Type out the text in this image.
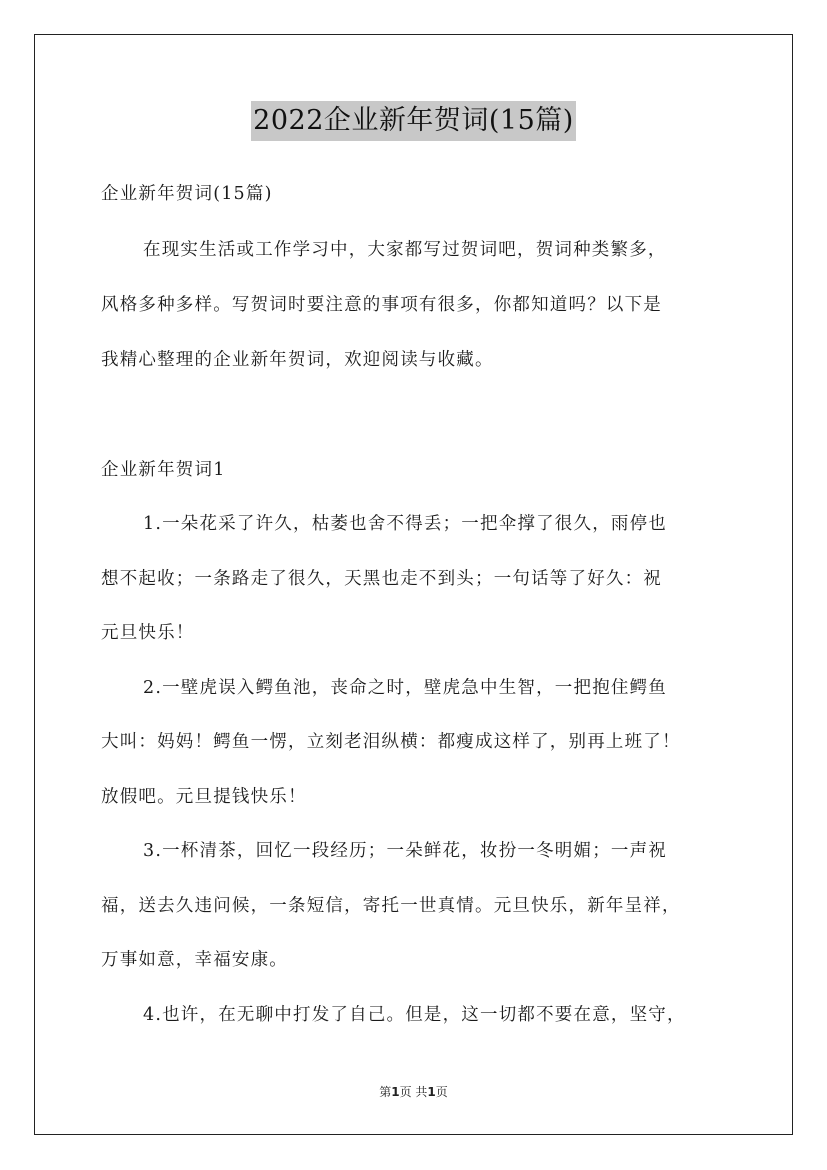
2022企业新年贺词(15篇)
企业新年贺词(15篇)
在现实生活或工作学习中，大家都写过贺词吧，贺词种类繁多，
风格多种多样。写贺词时要注意的事项有很多，你都知道吗？以下是
我精心整理的企业新年贺词，欢迎阅读与收藏。
企业新年贺词1
1.一朵花采了许久，枯萎也舍不得丢；一把伞撑了很久，雨停也
想不起收；一条路走了很久，天黑也走不到头；一句话等了好久：祝
元旦快乐！
2.一壁虎误入鳄鱼池，丧命之时，壁虎急中生智，一把抱住鳄鱼
大叫：妈妈！鳄鱼一愣，立刻老泪纵横：都瘦成这样了，别再上班了！
放假吧。元旦提钱快乐！
3.一杯清茶，回忆一段经历；一朵鲜花，妆扮一冬明媚；一声祝
福，送去久违问候，一条短信，寄托一世真情。元旦快乐，新年呈祥，
万事如意，幸福安康。
4.也许，在无聊中打发了自己。但是，这一切都不要在意，坚守，
第1页 共1页
